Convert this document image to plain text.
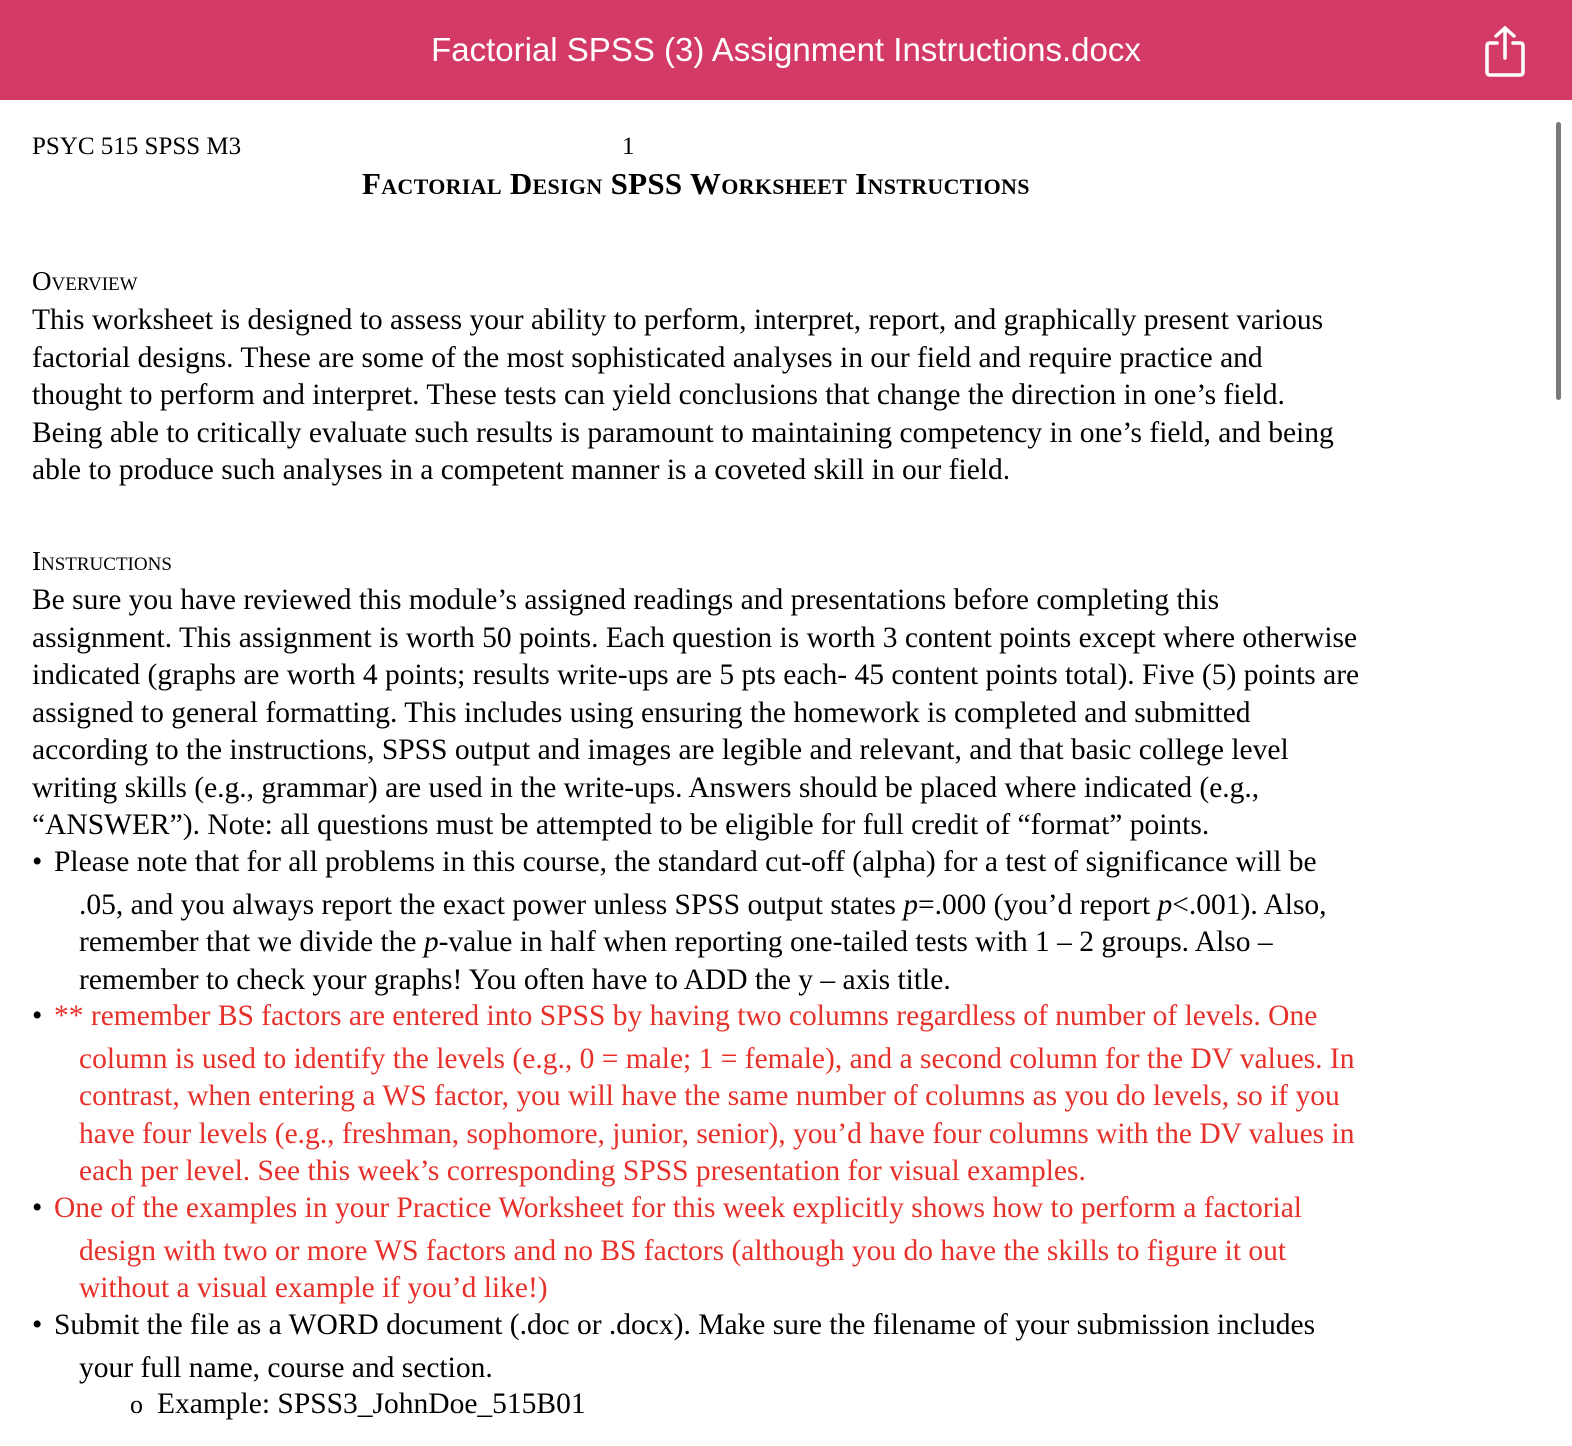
Factorial SPSS (3) Assignment Instructions.docx
PSYC 515 SPSS M3	1
Factorial Design SPSS Worksheet Instructions
Overview
This worksheet is designed to assess your ability to perform, interpret, report, and graphically present various
factorial designs. These are some of the most sophisticated analyses in our field and require practice and
thought to perform and interpret. These tests can yield conclusions that change the direction in one’s field.
Being able to critically evaluate such results is paramount to maintaining competency in one’s field, and being
able to produce such analyses in a competent manner is a coveted skill in our field.
Instructions
Be sure you have reviewed this module’s assigned readings and presentations before completing this
assignment. This assignment is worth 50 points. Each question is worth 3 content points except where otherwise
indicated (graphs are worth 4 points; results write-ups are 5 pts each- 45 content points total). Five (5) points are
assigned to general formatting. This includes using ensuring the homework is completed and submitted
according to the instructions, SPSS output and images are legible and relevant, and that basic college level
writing skills (e.g., grammar) are used in the write-ups. Answers should be placed where indicated (e.g.,
“ANSWER”). Note: all questions must be attempted to be eligible for full credit of “format” points.
• Please note that for all problems in this course, the standard cut-off (alpha) for a test of significance will be
.05, and you always report the exact power unless SPSS output states p=.000 (you’d report p<.001). Also,
remember that we divide the p-value in half when reporting one-tailed tests with 1 – 2 groups. Also –
remember to check your graphs! You often have to ADD the y – axis title.
• ** remember BS factors are entered into SPSS by having two columns regardless of number of levels. One
column is used to identify the levels (e.g., 0 = male; 1 = female), and a second column for the DV values. In
contrast, when entering a WS factor, you will have the same number of columns as you do levels, so if you
have four levels (e.g., freshman, sophomore, junior, senior), you’d have four columns with the DV values in
each per level. See this week’s corresponding SPSS presentation for visual examples.
• One of the examples in your Practice Worksheet for this week explicitly shows how to perform a factorial
design with two or more WS factors and no BS factors (although you do have the skills to figure it out
without a visual example if you’d like!)
• Submit the file as a WORD document (.doc or .docx). Make sure the filename of your submission includes
your full name, course and section.
o Example: SPSS3_JohnDoe_515B01
